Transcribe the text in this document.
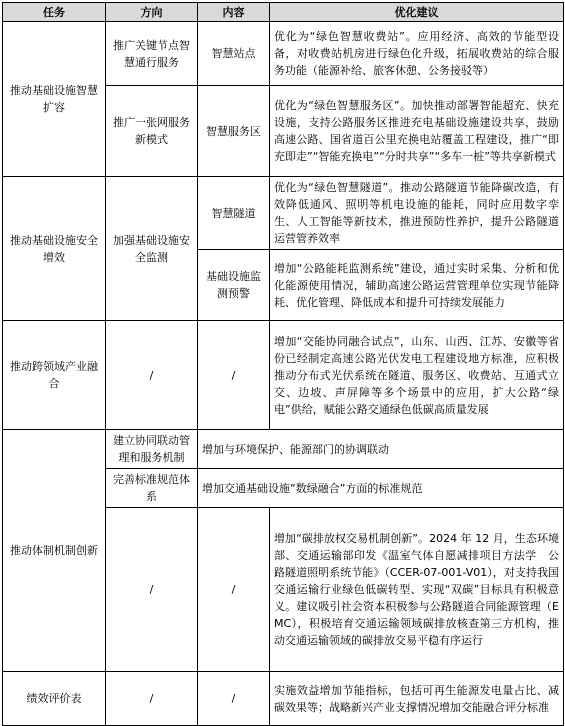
任务	方向	内容	优化建议
推动基础设施智慧扩容	推广关键节点智慧通行服务	智慧站点	优化为“绿色智慧收费站”。应用经济、高效的节能型设备，对收费站机房进行绿色化升级，拓展收费站的综合服务功能（能源补给、旅客休憩、公务接驳等）
	推广一张网服务新模式	智慧服务区	优化为“绿色智慧服务区”。加快推动部署智能超充、快充设施，支持公路服务区推进充电基础设施建设共享，鼓励高速公路、国省道百公里充换电站覆盖工程建设，推广“即充即走”“智能充换电”“分时共享”“多车一桩”等共享新模式
推动基础设施安全增效	加强基础设施安全监测	智慧隧道	优化为“绿色智慧隧道”。推动公路隧道节能降碳改造，有效降低通风、照明等机电设施的能耗，同时应用数字孪生、人工智能等新技术，推进预防性养护，提升公路隧道运营管养效率
		基础设施监测预警	增加“公路能耗监测系统”建设，通过实时采集、分析和优化能源使用情况，辅助高速公路运营管理单位实现节能降耗、优化管理、降低成本和提升可持续发展能力
推动跨领域产业融合	/	/	增加“交能协同融合试点”，山东、山西、江苏、安徽等省份已经制定高速公路光伏发电工程建设地方标准，应积极推动分布式光伏系统在隧道、服务区、收费站、互通式立交、边坡、声屏障等多个场景中的应用，扩大公路“绿电”供给，赋能公路交通绿色低碳高质量发展
推动体制机制创新	建立协同联动管理和服务机制	增加与环境保护、能源部门的协调联动	
	完善标准规范体系	增加交通基础设施“数绿融合”方面的标准规范	
	/	/	增加“碳排放权交易机制创新”。2024 年 12 月，生态环境部、交通运输部印发《温室气体自愿减排项目方法学　公路隧道照明系统节能》（CCER-07-001-V01），对支持我国交通运输行业绿色低碳转型、实现“双碳”目标具有积极意义。建议吸引社会资本积极参与公路隧道合同能源管理（EMC），积极培育交通运输领域碳排放核查第三方机构，推动交通运输领域的碳排放交易平稳有序运行
绩效评价表	/	/	实施效益增加节能指标，包括可再生能源发电量占比、减碳效果等；战略新兴产业支撑情况增加交能融合评分标准
